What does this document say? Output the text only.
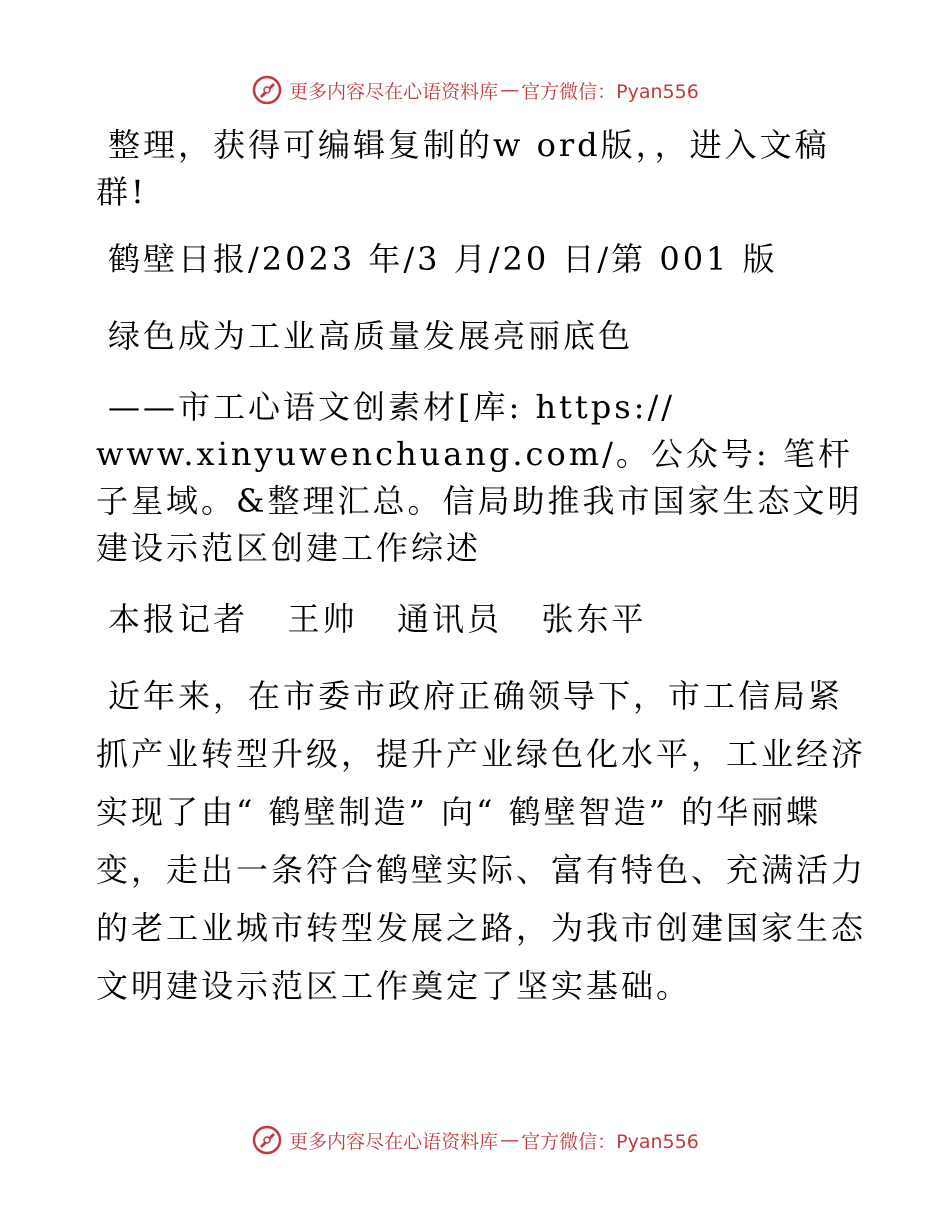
更多内容尽在心语资料库 — 官方微信：Pyan556

整理，获得可编辑复制的w ord版，，进入文稿群!

鹤壁日报/2023 年/3 月/20 日/第 001 版

绿色成为工业高质量发展亮丽底色

——市工心语文创素材[库: https:// www.xinyuwenchuang.com/。公众号: 笔杆子星域。&整理汇总。信局助推我市国家生态文明建设示范区创建工作综述

本报记者   王帅   通讯员   张东平

近年来，在市委市政府正确领导下，市工信局紧抓产业转型升级，提升产业绿色化水平，工业经济实现了由“ 鹤壁制造” 向“ 鹤壁智造” 的华丽蝶变，走出一条符合鹤壁实际、富有特色、充满活力的老工业城市转型发展之路，为我市创建国家生态文明建设示范区工作奠定了坚实基础。

更多内容尽在心语资料库 — 官方微信：Pyan556
